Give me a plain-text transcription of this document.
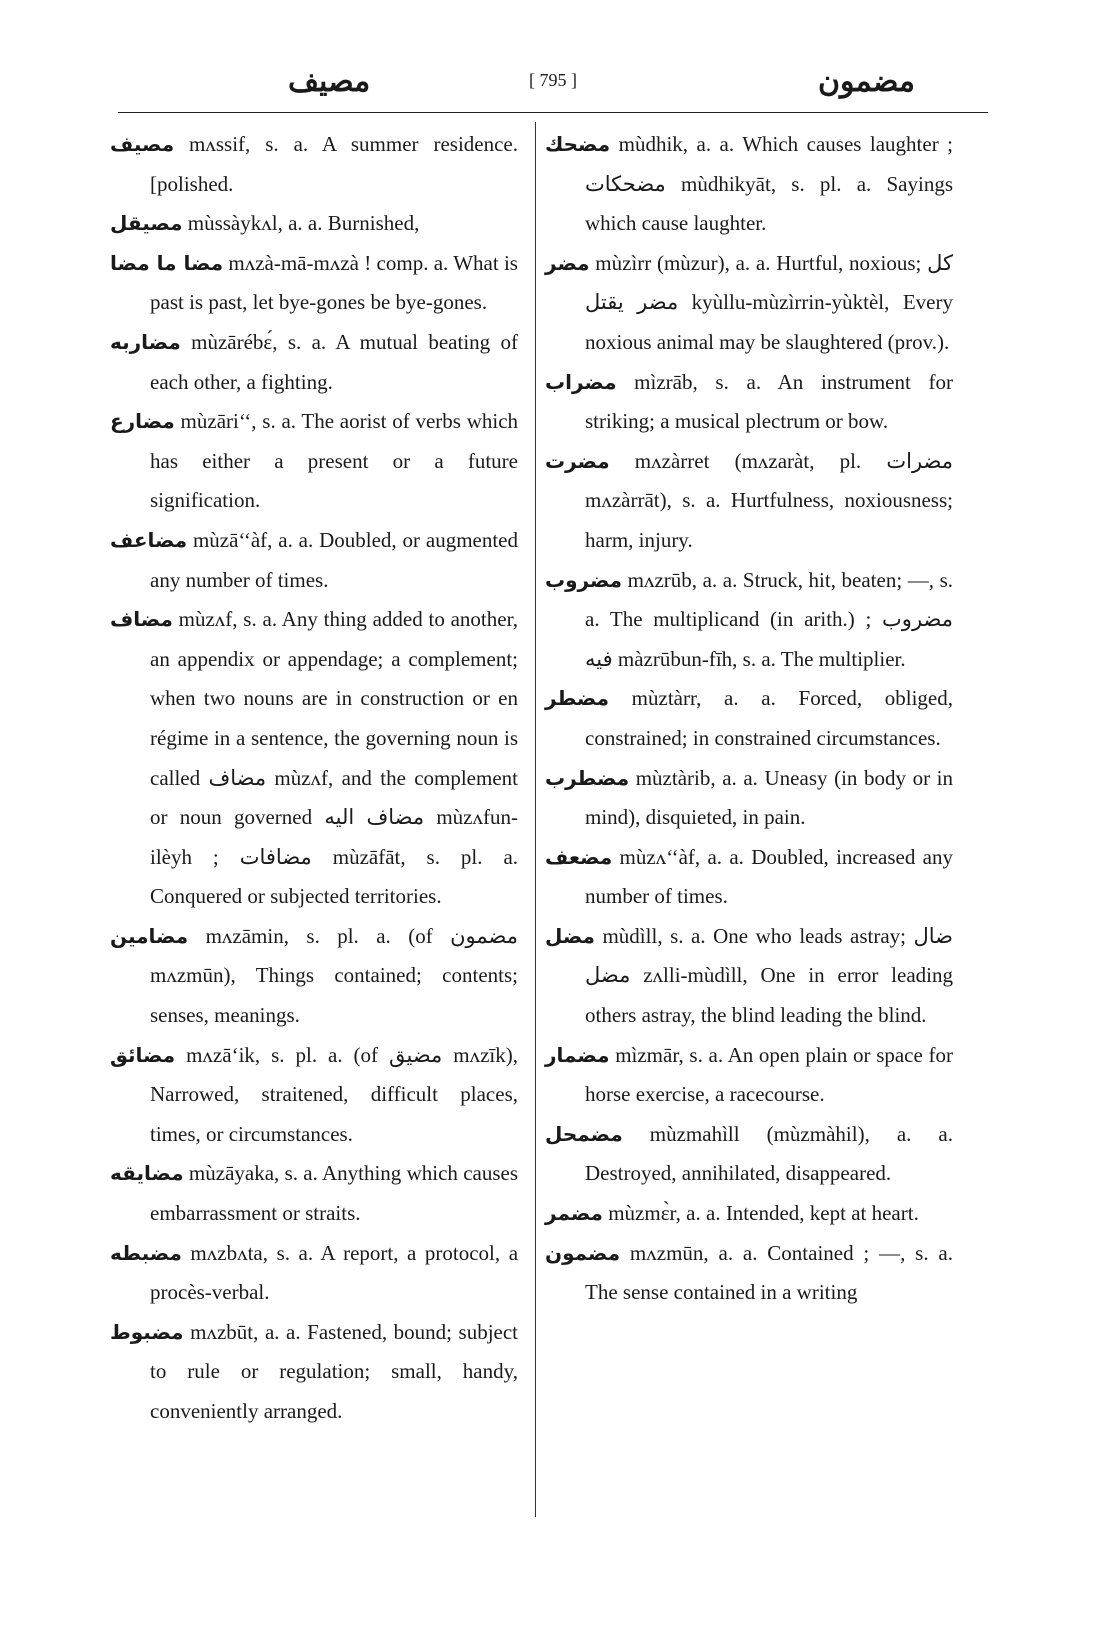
مصيف	[ 795 ]	مضمون

مصيف mʌssif, s. a. A summer residence. [polished.

مصيقل mùssàykʌl, a. a. Burnished,

مضا ما مضا mʌzà-mā-mʌzà ! comp. a. What is past is past, let bye-gones be bye-gones.

مضاربه mùzārébɛ́, s. a. A mutual beating of each other, a fighting.

مضارع mùzāri‘‘, s. a. The aorist of verbs which has either a present or a future signification.

مضاعف mùzā‘‘àf, a. a. Doubled, or augmented any number of times.

مضاف mùzʌf, s. a. Any thing added to another, an appendix or appendage; a complement; when two nouns are in construction or en régime in a sentence, the governing noun is called مضاف mùzʌf, and the complement or noun governed مضاف اليه mùzʌfun-ilèyh ; مضافات mùzāfāt, s. pl. a. Conquered or subjected territories.

مضامين mʌzāmin, s. pl. a. (of مضمون mʌzmūn), Things contained; contents; senses, meanings.

مضائق mʌzā‘ik, s. pl. a. (of مضيق mʌzīk), Narrowed, straitened, difficult places, times, or circumstances.

مضايقه mùzāyaka, s. a. Anything which causes embarrassment or straits.

مضبطه mʌzbʌta, s. a. A report, a protocol, a procès-verbal.

مضبوط mʌzbūt, a. a. Fastened, bound; subject to rule or regulation; small, handy, conveniently arranged.

مضحك mùdhik, a. a. Which causes laughter ; مضحكات mùdhikyāt, s. pl. a. Sayings which cause laughter.

مضر mùzìrr (mùzur), a. a. Hurtful, noxious; كل مضر يقتل kyùllu-mùzìrrin-yùktèl, Every noxious animal may be slaughtered (prov.).

مضراب mìzrāb, s. a. An instrument for striking; a musical plectrum or bow.

مضرت mʌzàrret (mʌzaràt, pl. مضرات mʌzàrrāt), s. a. Hurtfulness, noxiousness; harm, injury.

مضروب mʌzrūb, a. a. Struck, hit, beaten; —, s. a. The multiplicand (in arith.) ; مضروب فيه màzrūbun-fīh, s. a. The multiplier.

مضطر mùztàrr, a. a. Forced, obliged, constrained; in constrained circumstances.

مضطرب mùztàrib, a. a. Uneasy (in body or in mind), disquieted, in pain.

مضعف mùzʌ‘‘àf, a. a. Doubled, increased any number of times.

مضل mùdìll, s. a. One who leads astray; ضال مضل zʌlli-mùdìll, One in error leading others astray, the blind leading the blind.

مضمار mìzmār, s. a. An open plain or space for horse exercise, a racecourse.

مضمحل mùzmahìll (mùzmàhil), a. a. Destroyed, annihilated, disappeared.

مضمر mùzmɛ̀r, a. a. Intended, kept at heart.

مضمون mʌzmūn, a. a. Contained ; —, s. a. The sense contained in a writing
